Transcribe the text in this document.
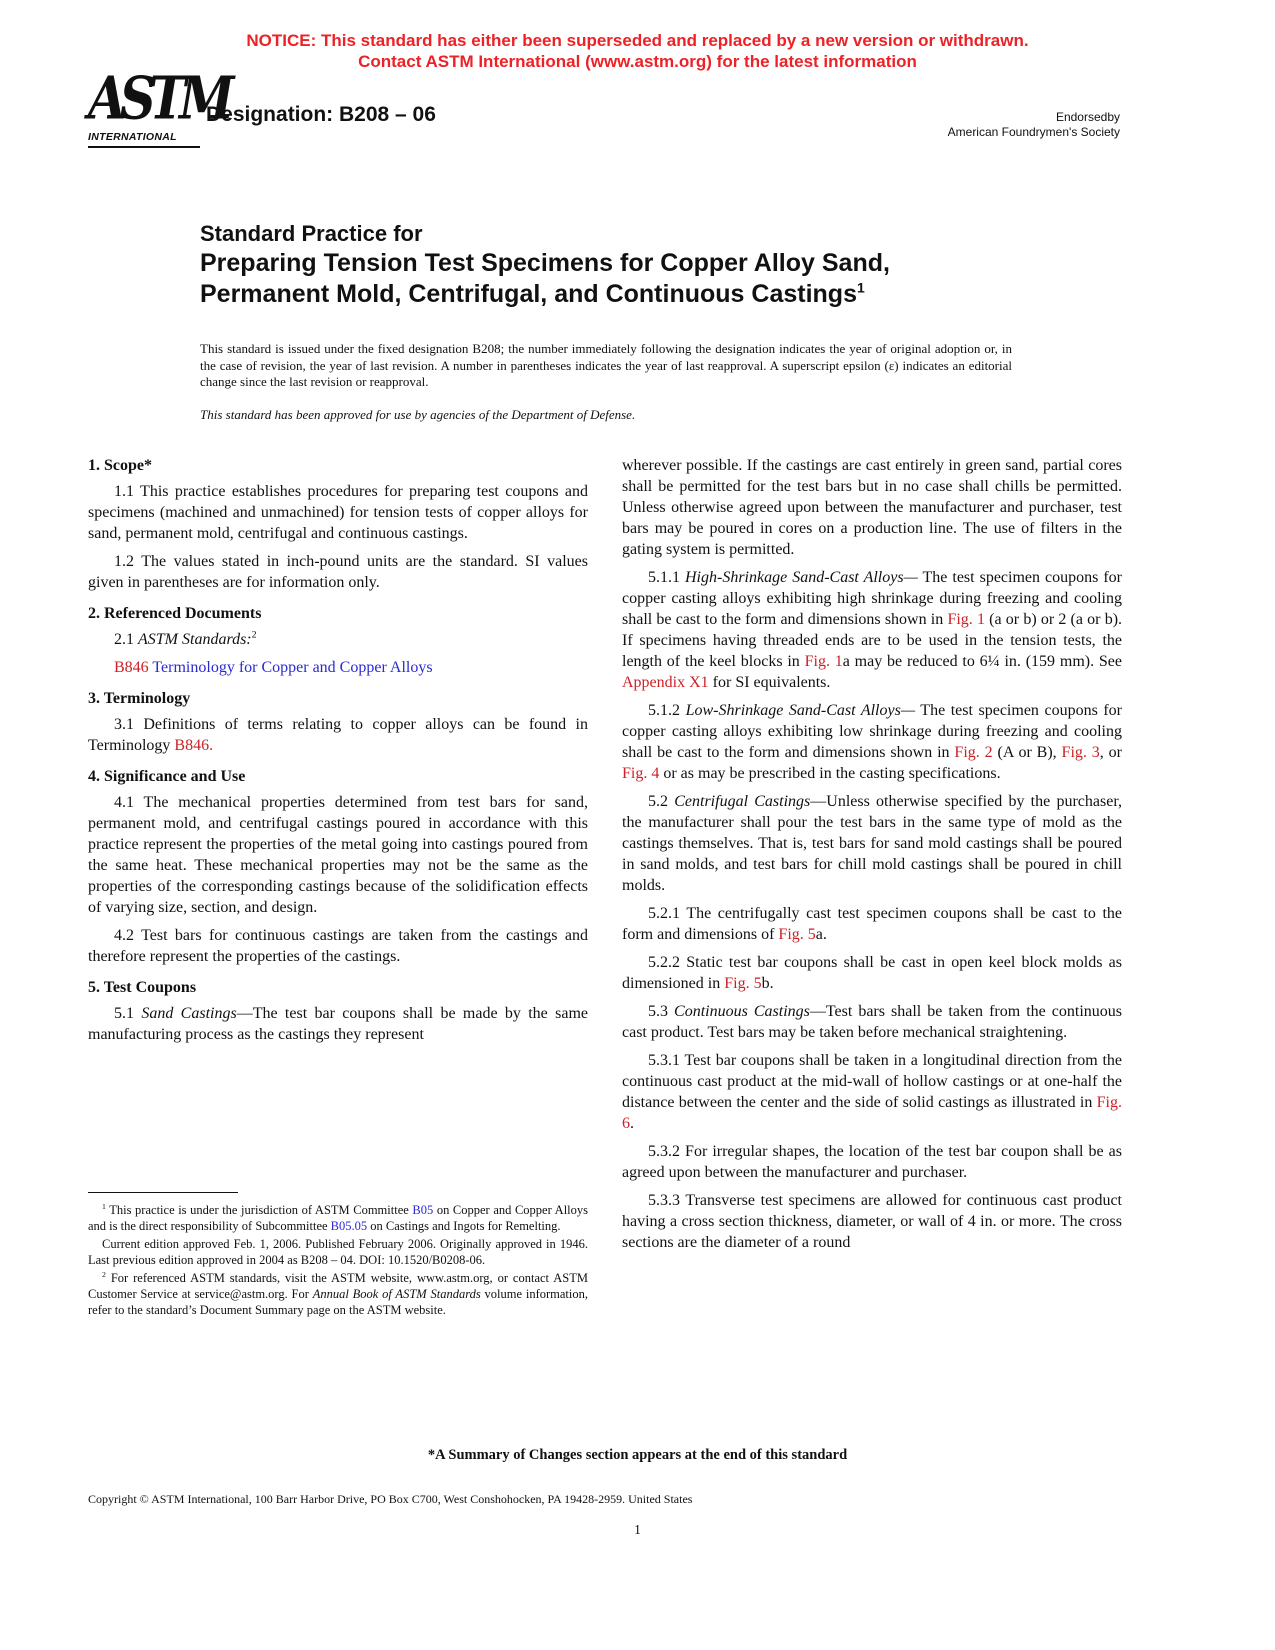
NOTICE: This standard has either been superseded and replaced by a new version or withdrawn.
Contact ASTM International (www.astm.org) for the latest information
ASTM
INTERNATIONAL
Designation: B208 – 06	Endorsedby
American Foundrymen's Society
Standard Practice for
Preparing Tension Test Specimens for Copper Alloy Sand,
Permanent Mold, Centrifugal, and Continuous Castings$^1$
This standard is issued under the fixed designation B208; the number immediately following the designation indicates the year of original adoption or, in the case of revision, the year of last revision. A number in parentheses indicates the year of last reapproval. A superscript epsilon (ε) indicates an editorial change since the last revision or reapproval.
This standard has been approved for use by agencies of the Department of Defense.
1. Scope*
1.1 This practice establishes procedures for preparing test coupons and specimens (machined and unmachined) for tension tests of copper alloys for sand, permanent mold, centrifugal and continuous castings.
1.2 The values stated in inch-pound units are the standard. SI values given in parentheses are for information only.
2. Referenced Documents
2.1 ASTM Standards:$^2$
B846 Terminology for Copper and Copper Alloys
3. Terminology
3.1 Definitions of terms relating to copper alloys can be found in Terminology B846.
4. Significance and Use
4.1 The mechanical properties determined from test bars for sand, permanent mold, and centrifugal castings poured in accordance with this practice represent the properties of the metal going into castings poured from the same heat. These mechanical properties may not be the same as the properties of the corresponding castings because of the solidification effects of varying size, section, and design.
4.2 Test bars for continuous castings are taken from the castings and therefore represent the properties of the castings.
5. Test Coupons
5.1 Sand Castings—The test bar coupons shall be made by the same manufacturing process as the castings they represent
wherever possible. If the castings are cast entirely in green sand, partial cores shall be permitted for the test bars but in no case shall chills be permitted. Unless otherwise agreed upon between the manufacturer and purchaser, test bars may be poured in cores on a production line. The use of filters in the gating system is permitted.
5.1.1 High-Shrinkage Sand-Cast Alloys— The test specimen coupons for copper casting alloys exhibiting high shrinkage during freezing and cooling shall be cast to the form and dimensions shown in Fig. 1 (a or b) or 2 (a or b). If specimens having threaded ends are to be used in the tension tests, the length of the keel blocks in Fig. 1a may be reduced to 6¼ in. (159 mm). See Appendix X1 for SI equivalents.
5.1.2 Low-Shrinkage Sand-Cast Alloys— The test specimen coupons for copper casting alloys exhibiting low shrinkage during freezing and cooling shall be cast to the form and dimensions shown in Fig. 2 (A or B), Fig. 3, or Fig. 4 or as may be prescribed in the casting specifications.
5.2 Centrifugal Castings—Unless otherwise specified by the purchaser, the manufacturer shall pour the test bars in the same type of mold as the castings themselves. That is, test bars for sand mold castings shall be poured in sand molds, and test bars for chill mold castings shall be poured in chill molds.
5.2.1 The centrifugally cast test specimen coupons shall be cast to the form and dimensions of Fig. 5a.
5.2.2 Static test bar coupons shall be cast in open keel block molds as dimensioned in Fig. 5b.
5.3 Continuous Castings—Test bars shall be taken from the continuous cast product. Test bars may be taken before mechanical straightening.
5.3.1 Test bar coupons shall be taken in a longitudinal direction from the continuous cast product at the mid-wall of hollow castings or at one-half the distance between the center and the side of solid castings as illustrated in Fig. 6.
5.3.2 For irregular shapes, the location of the test bar coupon shall be as agreed upon between the manufacturer and purchaser.
5.3.3 Transverse test specimens are allowed for continuous cast product having a cross section thickness, diameter, or wall of 4 in. or more. The cross sections are the diameter of a round
$^1$ This practice is under the jurisdiction of ASTM Committee B05 on Copper and Copper Alloys and is the direct responsibility of Subcommittee B05.05 on Castings and Ingots for Remelting.
Current edition approved Feb. 1, 2006. Published February 2006. Originally approved in 1946. Last previous edition approved in 2004 as B208 – 04. DOI: 10.1520/B0208-06.
$^2$ For referenced ASTM standards, visit the ASTM website, www.astm.org, or contact ASTM Customer Service at service@astm.org. For Annual Book of ASTM Standards volume information, refer to the standard’s Document Summary page on the ASTM website.
*A Summary of Changes section appears at the end of this standard
Copyright © ASTM International, 100 Barr Harbor Drive, PO Box C700, West Conshohocken, PA 19428-2959. United States
1
